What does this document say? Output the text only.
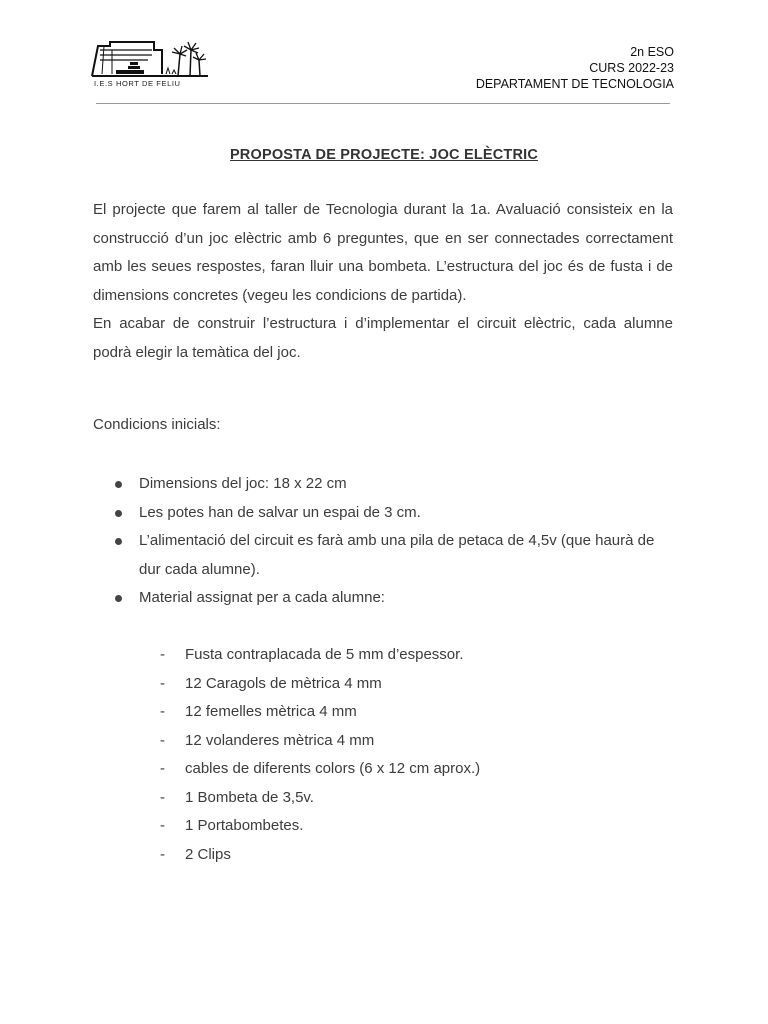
I.E.S HORT DE FELIU
2n ESO
CURS 2022-23
DEPARTAMENT DE TECNOLOGIA
PROPOSTA DE PROJECTE: JOC ELÈCTRIC

El projecte que farem al taller de Tecnologia durant la 1a. Avaluació consisteix en la construcció d’un joc elèctric amb 6 preguntes, que en ser connectades correctament amb les seues respostes, faran lluir una bombeta. L’estructura del joc és de fusta i de dimensions concretes (vegeu les condicions de partida).

En acabar de construir l’estructura i d’implementar el circuit elèctric, cada alumne podrà elegir la temàtica del joc.

Condicions inicials:
Dimensions del joc: 18 x 22 cm
Les potes han de salvar un espai de 3 cm.
L’alimentació del circuit es farà amb una pila de petaca de 4,5v (que haurà de dur cada alumne).
Material assignat per a cada alumne:
- Fusta contraplacada de 5 mm d’espessor.
- 12 Caragols de mètrica 4 mm
- 12 femelles mètrica 4 mm
- 12 volanderes mètrica 4 mm
- cables de diferents colors (6 x 12 cm aprox.)
- 1 Bombeta de 3,5v.
- 1 Portabombetes.
- 2 Clips
